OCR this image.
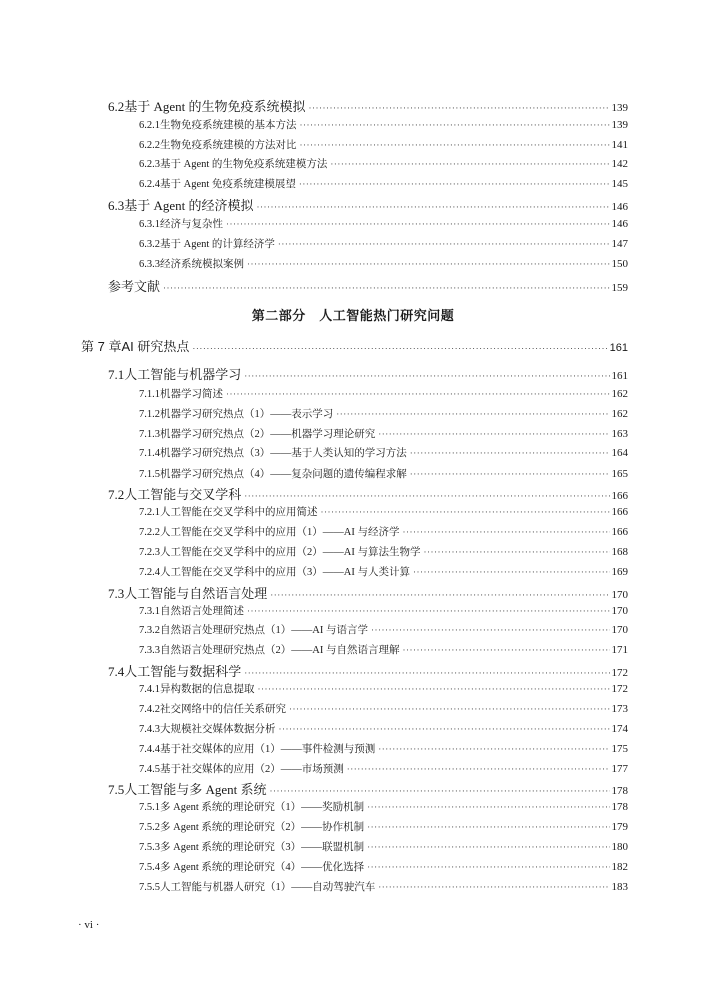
6.2 基于 Agent 的生物免疫系统模拟 ·····	139
6.2.1 生物免疫系统建模的基本方法 ·····	139
6.2.2 生物免疫系统建模的方法对比 ·····	141
6.2.3 基于 Agent 的生物免疫系统建模方法 ·····	142
6.2.4 基于 Agent 免疫系统建模展望 ·····	145
6.3 基于 Agent 的经济模拟 ·····	146
6.3.1 经济与复杂性 ·····	146
6.3.2 基于 Agent 的计算经济学 ·····	147
6.3.3 经济系统模拟案例 ·····	150
参考文献 ·····	159
第二部分　人工智能热门研究问题
第 7 章 AI 研究热点 ·····	161
7.1 人工智能与机器学习 ·····	161
7.1.1 机器学习简述 ·····	162
7.1.2 机器学习研究热点（1）——表示学习 ·····	162
7.1.3 机器学习研究热点（2）——机器学习理论研究 ·····	163
7.1.4 机器学习研究热点（3）——基于人类认知的学习方法 ·····	164
7.1.5 机器学习研究热点（4）——复杂问题的遗传编程求解 ·····	165
7.2 人工智能与交叉学科 ·····	166
7.2.1 人工智能在交叉学科中的应用简述 ·····	166
7.2.2 人工智能在交叉学科中的应用（1）——AI 与经济学 ·····	166
7.2.3 人工智能在交叉学科中的应用（2）——AI 与算法生物学 ·····	168
7.2.4 人工智能在交叉学科中的应用（3）——AI 与人类计算 ·····	169
7.3 人工智能与自然语言处理 ·····	170
7.3.1 自然语言处理简述 ·····	170
7.3.2 自然语言处理研究热点（1）——AI 与语言学 ·····	170
7.3.3 自然语言处理研究热点（2）——AI 与自然语言理解 ·····	171
7.4 人工智能与数据科学 ·····	172
7.4.1 异构数据的信息提取 ·····	172
7.4.2 社交网络中的信任关系研究 ·····	173
7.4.3 大规模社交媒体数据分析 ·····	174
7.4.4 基于社交媒体的应用（1）——事件检测与预测 ·····	175
7.4.5 基于社交媒体的应用（2）——市场预测 ·····	177
7.5 人工智能与多 Agent 系统 ·····	178
7.5.1 多 Agent 系统的理论研究（1）——奖励机制 ·····	178
7.5.2 多 Agent 系统的理论研究（2）——协作机制 ·····	179
7.5.3 多 Agent 系统的理论研究（3）——联盟机制 ·····	180
7.5.4 多 Agent 系统的理论研究（4）——优化选择 ·····	182
7.5.5 人工智能与机器人研究（1）——自动驾驶汽车 ·····	183
· vi ·
